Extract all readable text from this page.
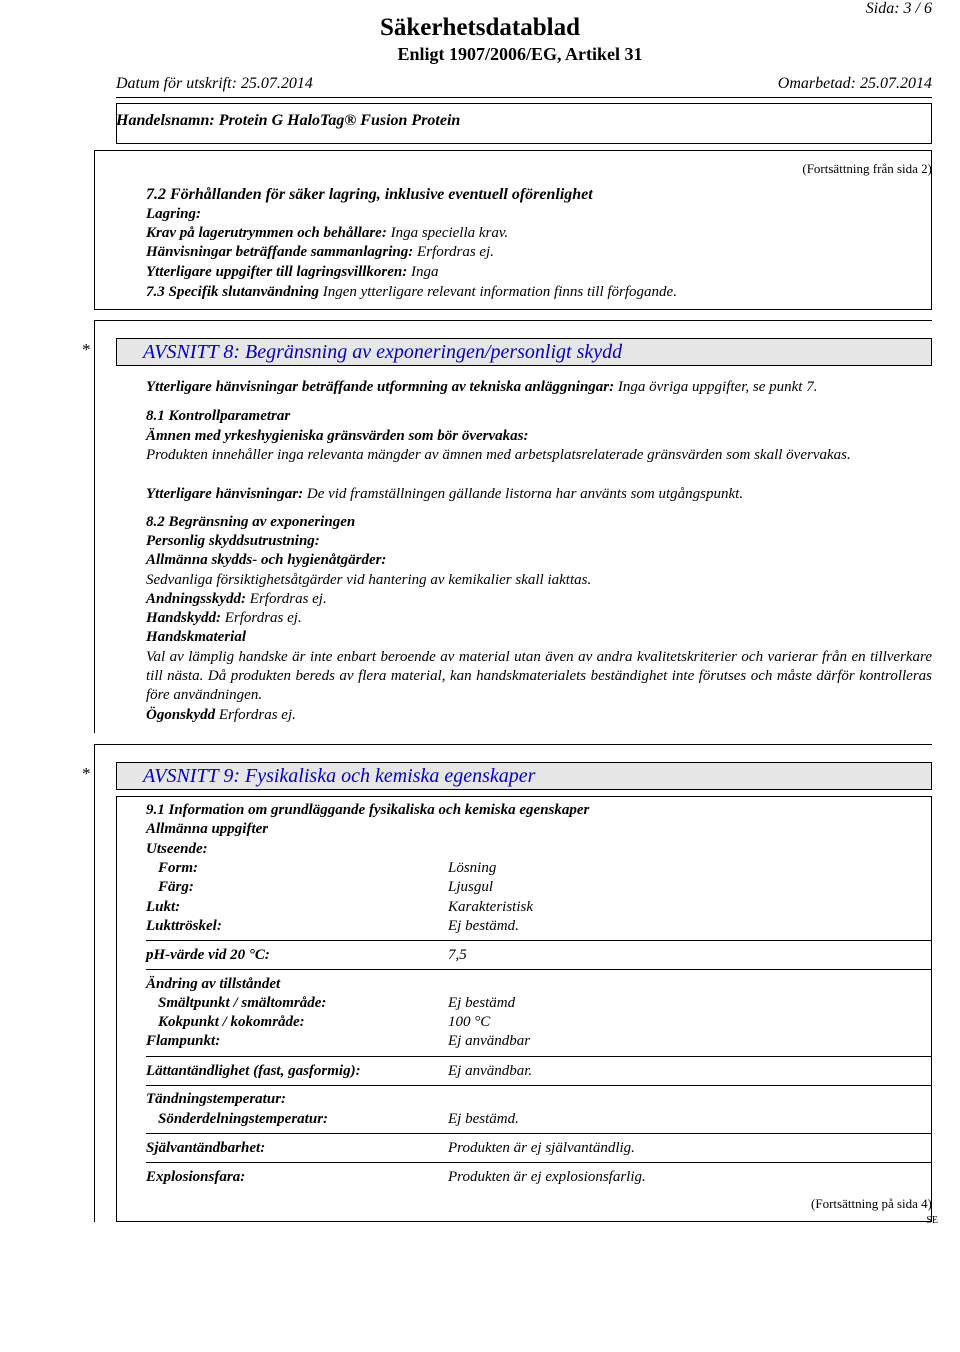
Sida: 3 / 6
Säkerhetsdatablad
Enligt 1907/2006/EG, Artikel 31
Datum för utskrift: 25.07.2014	Omarbetad: 25.07.2014
Handelsnamn: Protein G HaloTag® Fusion Protein
(Fortsättning från sida 2)
7.2 Förhållanden för säker lagring, inklusive eventuell oförenlighet
Lagring:
Krav på lagerutrymmen och behållare: Inga speciella krav.
Hänvisningar beträffande sammanlagring: Erfordras ej.
Ytterligare uppgifter till lagringsvillkoren: Inga
7.3 Specifik slutanvändning Ingen ytterligare relevant information finns till förfogande.
*	AVSNITT 8: Begränsning av exponeringen/personligt skydd
Ytterligare hänvisningar beträffande utformning av tekniska anläggningar: Inga övriga uppgifter, se punkt 7.
8.1 Kontrollparametrar
Ämnen med yrkeshygieniska gränsvärden som bör övervakas:
Produkten innehåller inga relevanta mängder av ämnen med arbetsplatsrelaterade gränsvärden som skall övervakas.
Ytterligare hänvisningar: De vid framställningen gällande listorna har använts som utgångspunkt.
8.2 Begränsning av exponeringen
Personlig skyddsutrustning:
Allmänna skydds- och hygienåtgärder:
Sedvanliga försiktighetsåtgärder vid hantering av kemikalier skall iakttas.
Andningsskydd: Erfordras ej.
Handskydd: Erfordras ej.
Handskmaterial
Val av lämplig handske är inte enbart beroende av material utan även av andra kvalitetskriterier och varierar från en tillverkare till nästa. Då produkten bereds av flera material, kan handskmaterialets beständighet inte förutses och måste därför kontrolleras före användningen.
Ögonskydd Erfordras ej.
*	AVSNITT 9: Fysikaliska och kemiska egenskaper
9.1 Information om grundläggande fysikaliska och kemiska egenskaper
Allmänna uppgifter
Utseende:
Form:	Lösning
Färg:	Ljusgul
Lukt:	Karakteristisk
Lukttröskel:	Ej bestämd.
pH-värde vid 20 °C:	7,5
Ändring av tillståndet
Smältpunkt / smältområde:	Ej bestämd
Kokpunkt / kokområde:	100 °C
Flampunkt:	Ej användbar
Lättantändlighet (fast, gasformig):	Ej användbar.
Tändningstemperatur:
Sönderdelningstemperatur:	Ej bestämd.
Självantändbarhet:	Produkten är ej självantändlig.
Explosionsfara:	Produkten är ej explosionsfarlig.
(Fortsättning på sida 4)
SE
